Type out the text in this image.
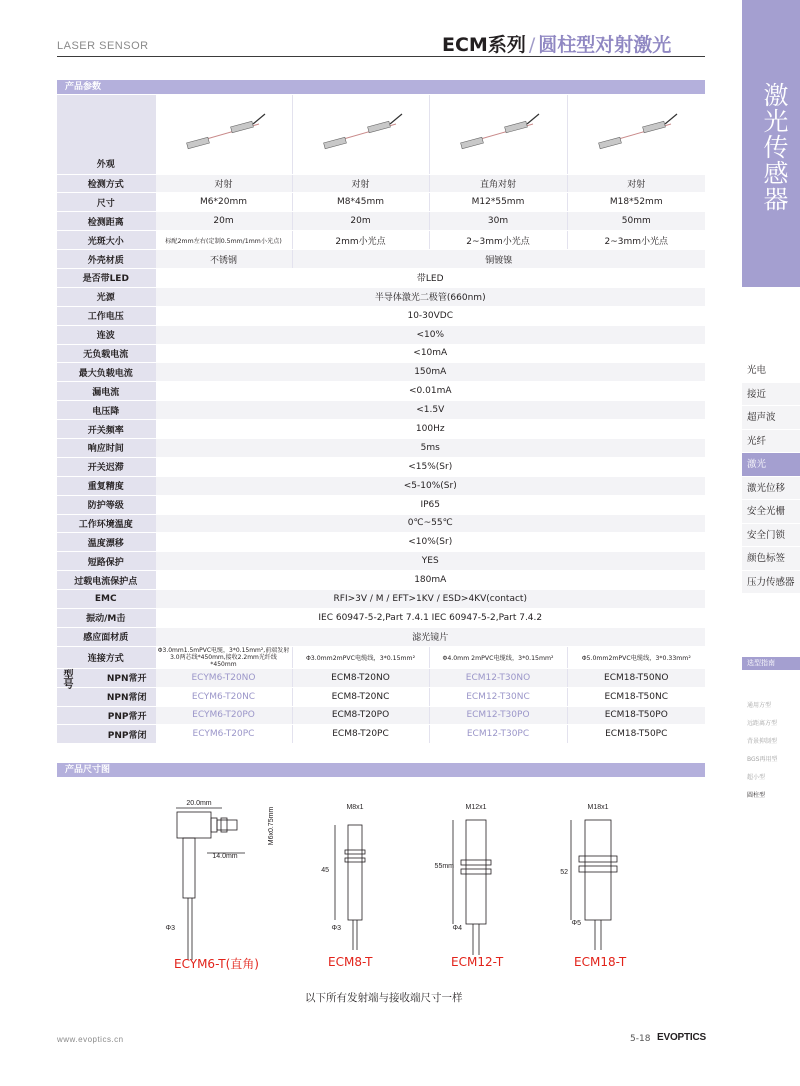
LASER SENSOR	ECM系列 / 圆柱型对射激光
激光传感器
光电
接近
超声波
光纤
激光
激光位移
安全光栅
安全门锁
颜色标签
压力传感器
选型指南
通用方型
远距离方型
背景抑制型
BGS再用型
超小型
圆柱型
产品参数
外观				
检测方式	对射	对射	直角对射	对射
尺寸	M6*20mm	M8*45mm	M12*55mm	M18*52mm
检测距离	20m	20m	30m	50mm
光斑大小	标配2mm左右(定制0.5mm/1mm小光点)	2mm小光点	2~3mm小光点	2~3mm小光点
外壳材质	不锈钢	铜镀镍		
是否带LED	带LED			
光源	半导体激光二极管(660nm)			
工作电压	10-30VDC			
连波	<10%			
无负载电流	<10mA			
最大负载电流	150mA			
漏电流	<0.01mA			
电压降	<1.5V			
开关频率	100Hz			
响应时间	5ms			
开关迟滞	<15%(Sr)			
重复精度	<5-10%(Sr)			
防护等级	IP65			
工作环境温度	0℃~55℃			
温度漂移	<10%(Sr)			
短路保护	YES			
过载电流保护点	180mA			
EMC	RFI>3V / M / EFT>1KV / ESD>4KV(contact)			
振动/M击	IEC 60947-5-2,Part 7.4.1 IEC 60947-5-2,Part 7.4.2			
感应面材质	滤光镜片			
连接方式	Φ3.0mm1.5mPVC电缆，3*0.15mm²,前端发射3.0两芯线*450mm,接收2.2mm光纤线*450mm	Φ3.0mm2mPVC电缆线，3*0.15mm²	Φ4.0mm 2mPVC电缆线，3*0.15mm²	Φ5.0mm2mPVC电缆线，3*0.33mm²

型号 NPN常开	ECYM6-T20NO	ECM8-T20NO	ECM12-T30NO	ECM18-T50NO
NPN常闭	ECYM6-T20NC	ECM8-T20NC	ECM12-T30NC	ECM18-T50NC
PNP常开	ECYM6-T20PO	ECM8-T20PO	ECM12-T30PO	ECM18-T50PO
PNP常闭	ECYM6-T20PC	ECM8-T20PC	ECM12-T30PC	ECM18-T50PC
产品尺寸图
20.0mm
14.0mm
M6x0.75mm
Φ3
M8x1
45
Φ3
M12x1
55mm
Φ4
M18x1
52
Φ5
ECYM6-T(直角)	ECM8-T	ECM12-T	ECM18-T
以下所有发射端与接收端尺寸一样
www.evoptics.cn	5-18 EVOPTICS
